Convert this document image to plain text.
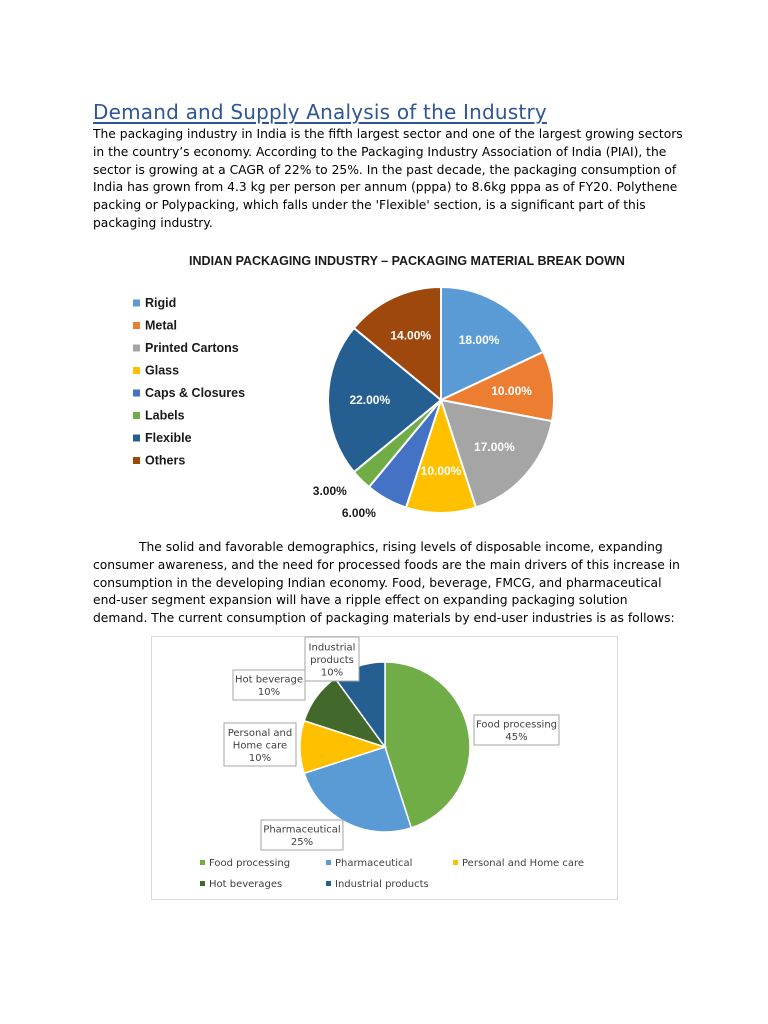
Demand and Supply Analysis of the Industry

The packaging industry in India is the fifth largest sector and one of the largest growing sectors in the country’s economy. According to the Packaging Industry Association of India (PIAI), the sector is growing at a CAGR of 22% to 25%. In the past decade, the packaging consumption of India has grown from 4.3 kg per person per annum (pppa) to 8.6kg pppa as of FY20. Polythene packing or Polypacking, which falls under the 'Flexible' section, is a significant part of this packaging industry.

INDIAN PACKAGING INDUSTRY – PACKAGING MATERIAL BREAK DOWN
Rigid
Metal
Printed Cartons
Glass
Caps & Closures
Labels
Flexible
Others
18.00%
10.00%
17.00%
10.00%
6.00%
3.00%
22.00%
14.00%

The solid and favorable demographics, rising levels of disposable income, expanding consumer awareness, and the need for processed foods are the main drivers of this increase in consumption in the developing Indian economy. Food, beverage, FMCG, and pharmaceutical end-user segment expansion will have a ripple effect on expanding packaging solution demand. The current consumption of packaging materials by end-user industries is as follows:

Food processing
45%
Pharmaceutical
25%
Personal and
Home care
10%
Hot beverage
10%
Industrial
products
10%
Food processing	Pharmaceutical	Personal and Home care
Hot beverages	Industrial products
